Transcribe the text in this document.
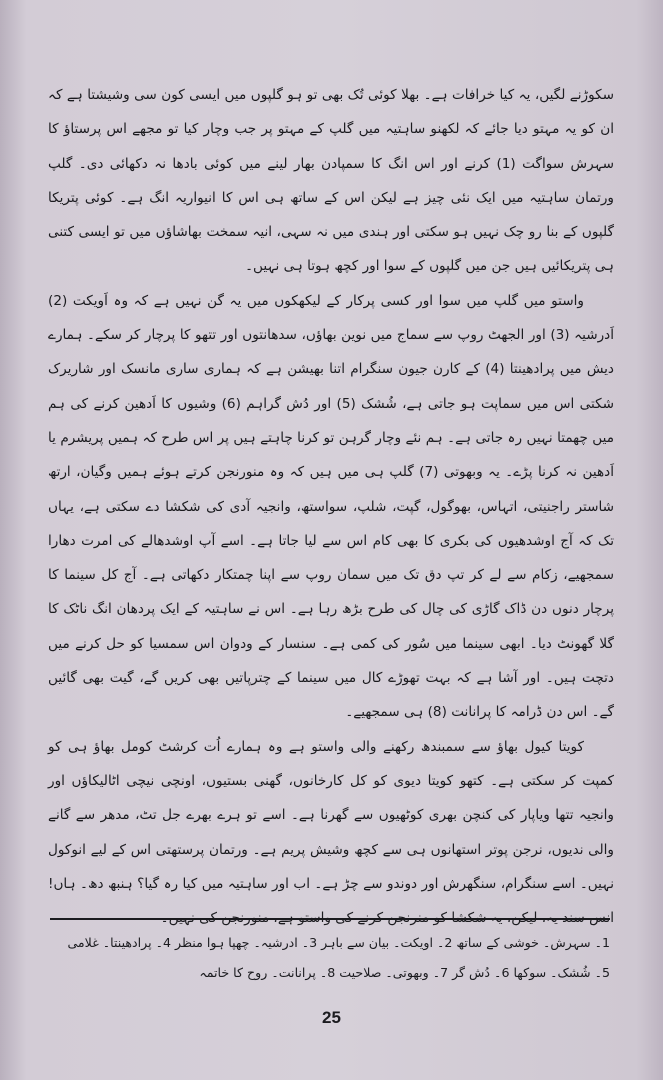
سکوڑنے لگیں، یہ کیا خرافات ہے۔ بھلا کوئی تُک بھی تو ہو گلپوں میں ایسی کون سی وشیشتا ہے کہ ان کو یہ مہتو دیا جائے کہ لکھنو ساہتیہ میں گلپ کے مہتو پر جب وچار کیا تو مجھے اس پرستاؤ کا سہرش سواگت (1) کرنے اور اس انگ کا سمپادن بھار لینے میں کوئی بادھا نہ دکھائی دی۔ گلپ ورتمان ساہتیہ میں ایک نئی چیز ہے لیکن اس کے ساتھ ہی اس کا انیواریہ انگ ہے۔ کوئی پتریکا گلپوں کے بنا رو چک نہیں ہو سکتی اور ہندی میں نہ سہی، انیہ سمخت بھاشاؤں میں تو ایسی کتنی ہی پتریکائیں ہیں جن میں گلپوں کے سوا اور کچھ ہوتا ہی نہیں۔

واستو میں گلپ میں سوا اور کسی پرکار کے لیکھکوں میں یہ گن نہیں ہے کہ وہ اَویکت (2) اَدرشیہ (3) اور الجھٹ روپ سے سماج میں نوین بھاؤں، سدھانتوں اور تتھو کا پرچار کر سکے۔ ہمارے دیش میں پرادھینتا (4) کے کارن جیون سنگرام اتنا بھیشن ہے کہ ہماری ساری مانسک اور شاریرک شکتی اس میں سماپت ہو جاتی ہے، شُشک (5) اور دُش گراہم (6) وشیوں کا اَدھین کرنے کی ہم میں چھمتا نہیں رہ جاتی ہے۔ ہم نئے وچار گرہن تو کرنا چاہتے ہیں پر اس طرح کہ ہمیں پریشرم یا اَدھین نہ کرنا پڑے۔ یہ وبھوتی (7) گلپ ہی میں ہیں کہ وہ منورنجن کرتے ہوئے ہمیں وگیان، ارتھ شاستر راجنیتی، اتہاس، بھوگول، گپت، شلپ، سواستھ، وانجیہ آدی کی شکشا دے سکتی ہے، یہاں تک کہ آج اوشدھیوں کی بکری کا بھی کام اس سے لیا جاتا ہے۔ اسے آپ اوشدھالے کی امرت دھارا سمجھیے، زکام سے لے کر تپ دق تک میں سمان روپ سے اپنا چمتکار دکھاتی ہے۔ آج کل سینما کا پرچار دنوں دن ڈاک گاڑی کی چال کی طرح بڑھ رہا ہے۔ اس نے ساہتیہ کے ایک پردھان انگ ناٹک کا گلا گھونٹ دیا۔ ابھی سینما میں سُور کی کمی ہے۔ سنسار کے ودوان اس سمسیا کو حل کرنے میں دتچت ہیں۔ اور آشا ہے کہ بہت تھوڑے کال میں سینما کے چترپاتیں بھی کریں گے، گیت بھی گائیں گے۔ اس دن ڈرامہ کا پرانانت (8) ہی سمجھیے۔

کویتا کیول بھاؤ سے سمبندھ رکھنے والی واستو ہے وہ ہمارے اُت کرشٹ کومل بھاؤ ہی کو کمپت کر سکتی ہے۔ کتھو کویتا دیوی کو کل کارخانوں، گھنی بستیوں، اونچی نیچی اٹالیکاؤں اور وانجیہ تتھا ویاپار کی کنچن بھری کوٹھیوں سے گھرنا ہے۔ اسے تو ہرے بھرے جل تٹ، مدھر سے گانے والی ندیوں، نرجن پوتر استھانوں ہی سے کچھ وشیش پریم ہے۔ ورتمان پرستھتی اس کے لیے انوکول نہیں۔ اسے سنگرام، سنگھرش اور دوندو سے چڑ ہے۔ اب اور ساہتیہ میں کیا رہ گیا؟ ہنبھ دھ۔ ہاں! انس سند یہ، لیکن، یہ شکشا کو منرنجن کرنے کی واستو ہے، منورنجن کی نہیں۔

1۔ سہرش۔ خوشی کے ساتھ 2۔ اویکت۔ بیان سے باہر 3۔ ادرشیہ۔ چھپا ہوا منظر 4۔ پرادھینتا۔ غلامی

5۔ شُشک۔ سوکھا 6۔ دُش گر 7۔ وبھوتی۔ صلاحیت 8۔ پرانانت۔ روح کا خاتمہ

25
